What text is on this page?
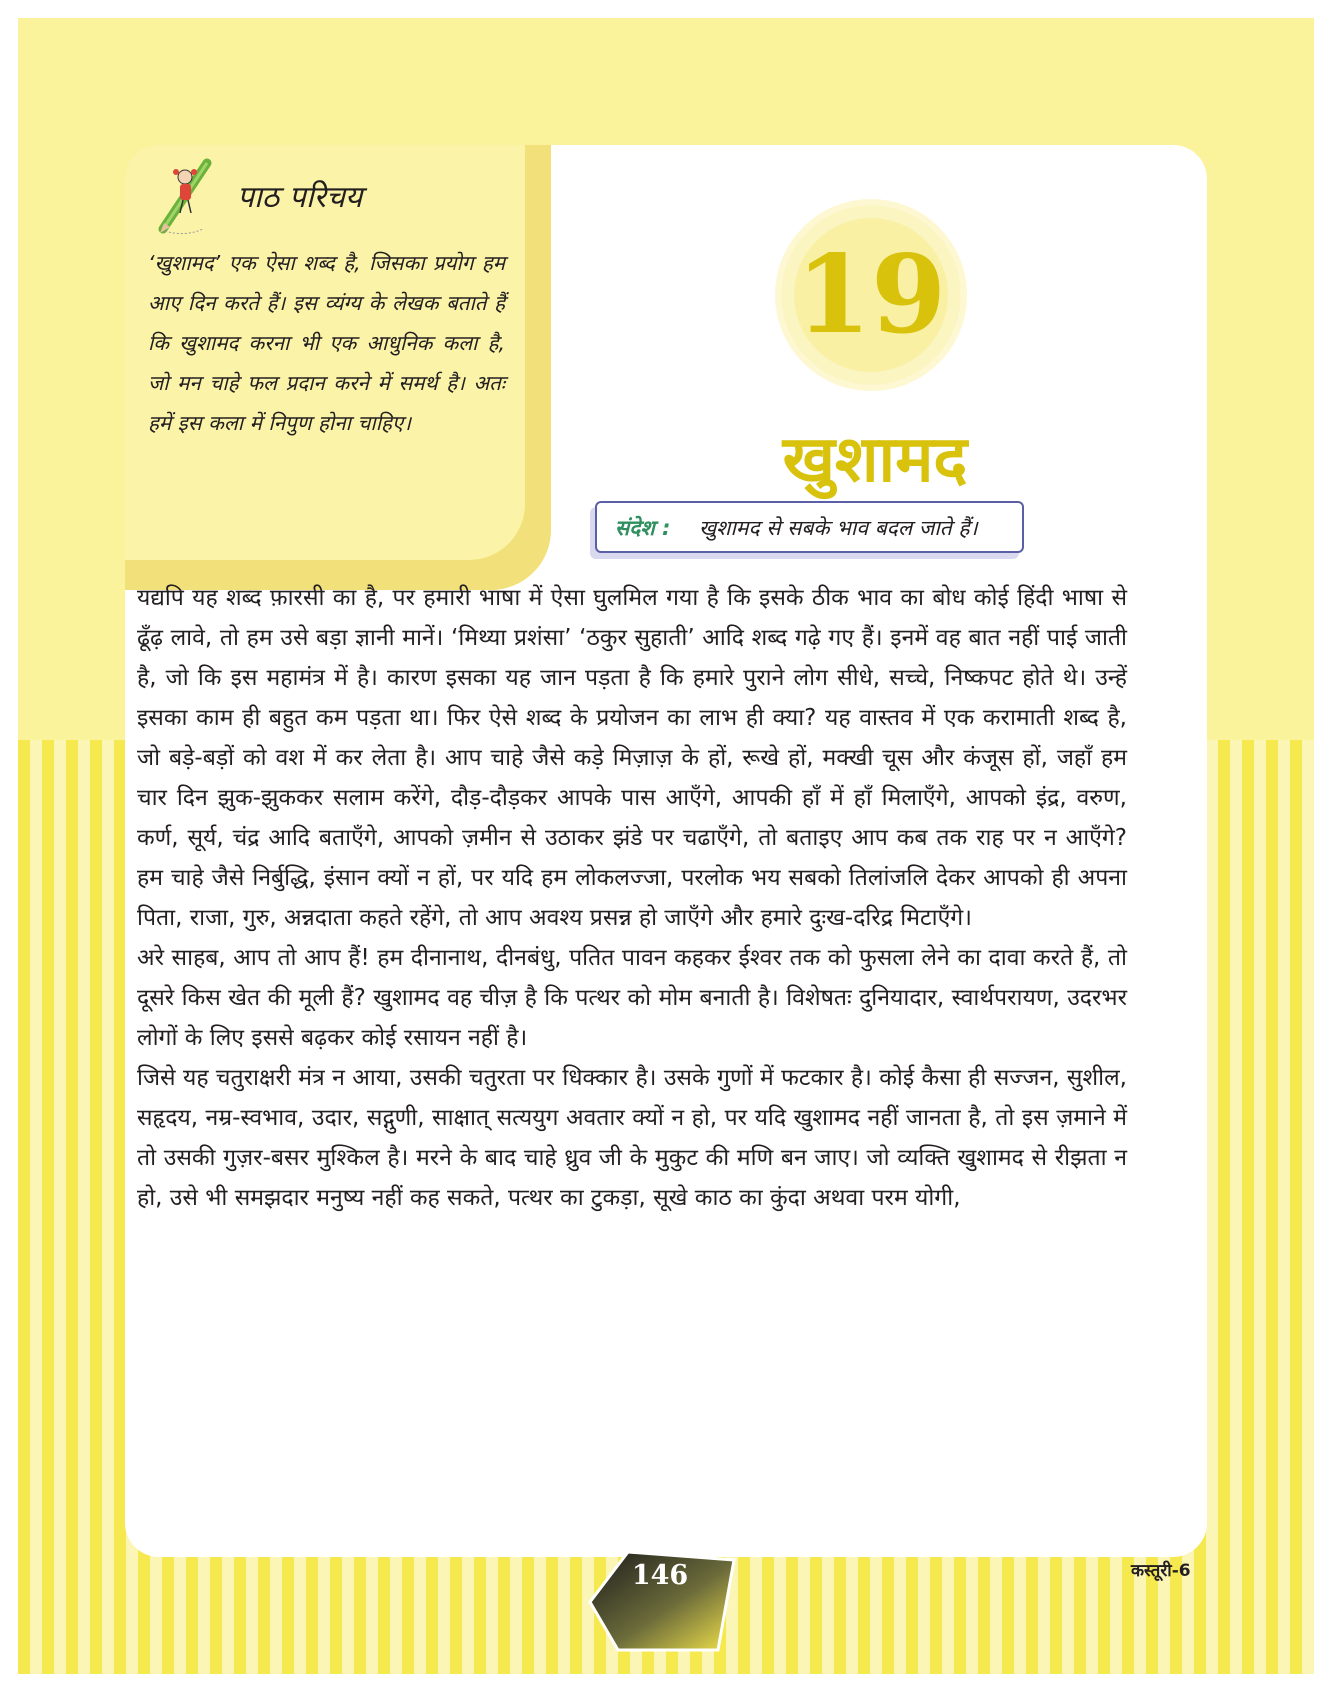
पाठ परिचय
‘खुशामद’ एक ऐसा शब्द है, जिसका प्रयोग हम आए दिन करते हैं। इस व्यंग्य के लेखक बताते हैं कि खुशामद करना भी एक आधुनिक कला है, जो मन चाहे फल प्रदान करने में समर्थ है। अतः हमें इस कला में निपुण होना चाहिए।
19
खुशामद
संदेश : खुशामद से सबके भाव बदल जाते हैं।

यद्यपि यह शब्द फ़ारसी का है, पर हमारी भाषा में ऐसा घुलमिल गया है कि इसके ठीक भाव का बोध कोई हिंदी भाषा से ढूँढ़ लावे, तो हम उसे बड़ा ज्ञानी मानें। ‘मिथ्या प्रशंसा’ ‘ठकुर सुहाती’ आदि शब्द गढ़े गए हैं। इनमें वह बात नहीं पाई जाती है, जो कि इस महामंत्र में है। कारण इसका यह जान पड़ता है कि हमारे पुराने लोग सीधे, सच्चे, निष्कपट होते थे। उन्हें इसका काम ही बहुत कम पड़ता था। फिर ऐसे शब्द के प्रयोजन का लाभ ही क्या? यह वास्तव में एक करामाती शब्द है, जो बड़े-बड़ों को वश में कर लेता है। आप चाहे जैसे कड़े मिज़ाज़ के हों, रूखे हों, मक्खी चूस और कंजूस हों, जहाँ हम चार दिन झुक-झुककर सलाम करेंगे, दौड़-दौड़कर आपके पास आएँगे, आपकी हाँ में हाँ मिलाएँगे, आपको इंद्र, वरुण, कर्ण, सूर्य, चंद्र आदि बताएँगे, आपको ज़मीन से उठाकर झंडे पर चढाएँगे, तो बताइए आप कब तक राह पर न आएँगे? हम चाहे जैसे निर्बुद्धि, इंसान क्यों न हों, पर यदि हम लोकलज्जा, परलोक भय सबको तिलांजलि देकर आपको ही अपना पिता, राजा, गुरु, अन्नदाता कहते रहेंगे, तो आप अवश्य प्रसन्न हो जाएँगे और हमारे दुःख-दरिद्र मिटाएँगे।

अरे साहब, आप तो आप हैं! हम दीनानाथ, दीनबंधु, पतित पावन कहकर ईश्वर तक को फुसला लेने का दावा करते हैं, तो दूसरे किस खेत की मूली हैं? खुशामद वह चीज़ है कि पत्थर को मोम बनाती है। विशेषतः दुनियादार, स्वार्थपरायण, उदरभर लोगों के लिए इससे बढ़कर कोई रसायन नहीं है।

जिसे यह चतुराक्षरी मंत्र न आया, उसकी चतुरता पर धिक्कार है। उसके गुणों में फटकार है। कोई कैसा ही सज्जन, सुशील, सहृदय, नम्र-स्वभाव, उदार, सद्गुणी, साक्षात् सत्ययुग अवतार क्यों न हो, पर यदि खुशामद नहीं जानता है, तो इस ज़माने में तो उसकी गुज़र-बसर मुश्किल है। मरने के बाद चाहे ध्रुव जी के मुकुट की मणि बन जाए। जो व्यक्ति खुशामद से रीझता न हो, उसे भी समझदार मनुष्य नहीं कह सकते, पत्थर का टुकड़ा, सूखे काठ का कुंदा अथवा परम योगी,

कस्तूरी-6
146
